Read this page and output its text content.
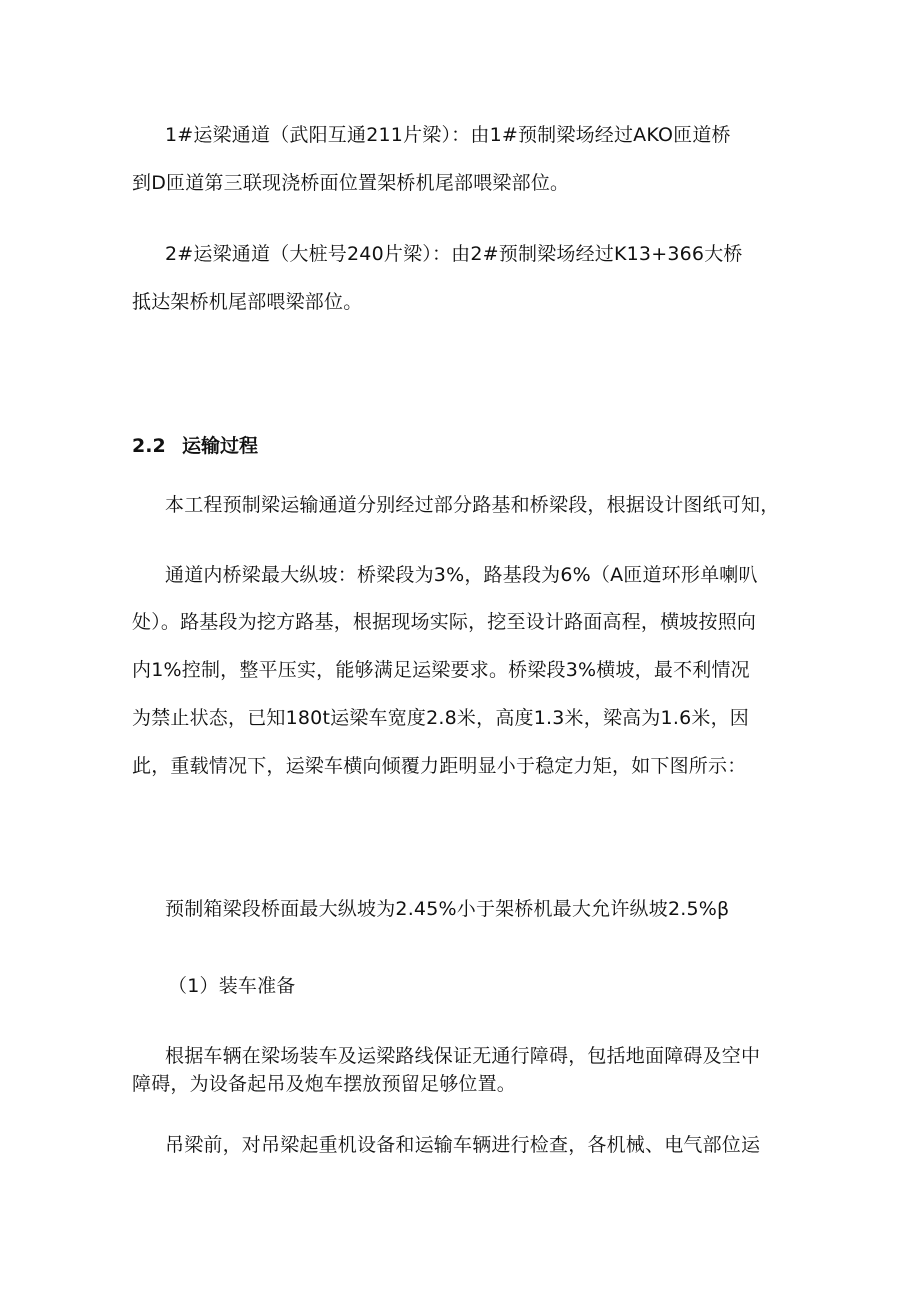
1#运梁通道（武阳互通211片梁）：由1#预制梁场经过AKO匝道桥
到D匝道第三联现浇桥面位置架桥机尾部喂梁部位。
2#运梁通道（大桩号240片梁）：由2#预制梁场经过K13+366大桥
抵达架桥机尾部喂梁部位。
2.2 运输过程
本工程预制梁运输通道分别经过部分路基和桥梁段，根据设计图纸可知，
通道内桥梁最大纵坡：桥梁段为3%，路基段为6%（A匝道环形单喇叭
处）。路基段为挖方路基，根据现场实际，挖至设计路面高程，横坡按照向
内1%控制，整平压实，能够满足运梁要求。桥梁段3%横坡，最不利情况
为禁止状态，已知180t运梁车宽度2.8米，高度1.3米，梁高为1.6米，因
此，重载情况下，运梁车横向倾覆力距明显小于稳定力矩，如下图所示：
预制箱梁段桥面最大纵坡为2.45%小于架桥机最大允许纵坡2.5%β
（1）装车准备
根据车辆在梁场装车及运梁路线保证无通行障碍，包括地面障碍及空中
障碍，为设备起吊及炮车摆放预留足够位置。
吊梁前，对吊梁起重机设备和运输车辆进行检查，各机械、电气部位运
